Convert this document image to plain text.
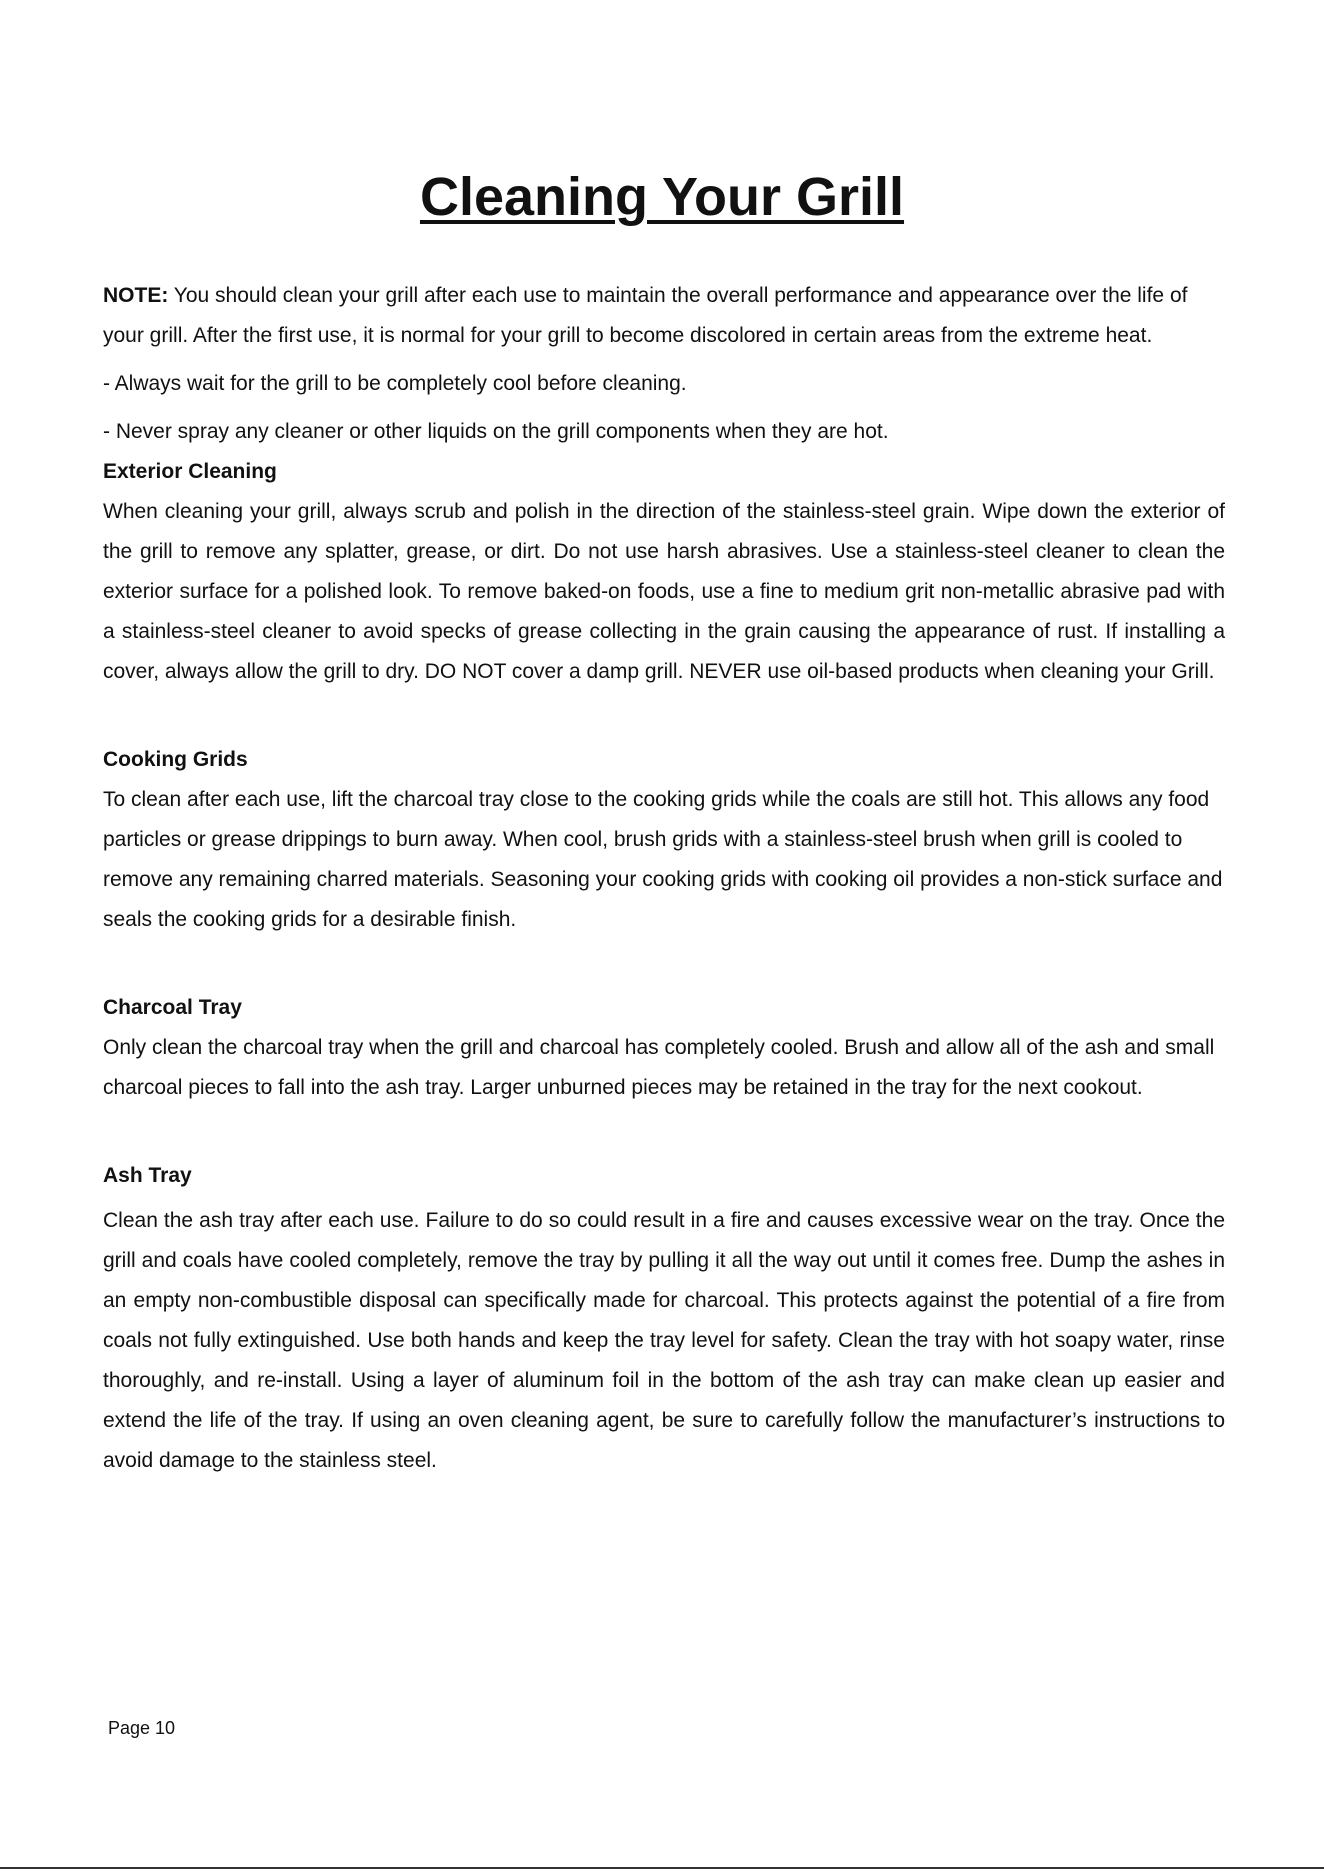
Cleaning Your Grill

NOTE: You should clean your grill after each use to maintain the overall performance and appearance over the life of your grill. After the first use, it is normal for your grill to become discolored in certain areas from the extreme heat.

- Always wait for the grill to be completely cool before cleaning.

- Never spray any cleaner or other liquids on the grill components when they are hot.

Exterior Cleaning

When cleaning your grill, always scrub and polish in the direction of the stainless-steel grain. Wipe down the exterior of the grill to remove any splatter, grease, or dirt. Do not use harsh abrasives. Use a stainless-steel cleaner to clean the exterior surface for a polished look. To remove baked-on foods, use a fine to medium grit non-metallic abrasive pad with a stainless-steel cleaner to avoid specks of grease collecting in the grain causing the appearance of rust. If installing a cover, always allow the grill to dry. DO NOT cover a damp grill. NEVER use oil-based products when cleaning your Grill.

Cooking Grids

To clean after each use, lift the charcoal tray close to the cooking grids while the coals are still hot. This allows any food particles or grease drippings to burn away. When cool, brush grids with a stainless-steel brush when grill is cooled to remove any remaining charred materials. Seasoning your cooking grids with cooking oil provides a non-stick surface and seals the cooking grids for a desirable finish.

Charcoal Tray

Only clean the charcoal tray when the grill and charcoal has completely cooled. Brush and allow all of the ash and small charcoal pieces to fall into the ash tray. Larger unburned pieces may be retained in the tray for the next cookout.

Ash Tray

Clean the ash tray after each use. Failure to do so could result in a fire and causes excessive wear on the tray. Once the grill and coals have cooled completely, remove the tray by pulling it all the way out until it comes free. Dump the ashes in an empty non-combustible disposal can specifically made for charcoal. This protects against the potential of a fire from coals not fully extinguished. Use both hands and keep the tray level for safety. Clean the tray with hot soapy water, rinse thoroughly, and re-install. Using a layer of aluminum foil in the bottom of the ash tray can make clean up easier and extend the life of the tray. If using an oven cleaning agent, be sure to carefully follow the manufacturer’s instructions to avoid damage to the stainless steel.

Page 10
